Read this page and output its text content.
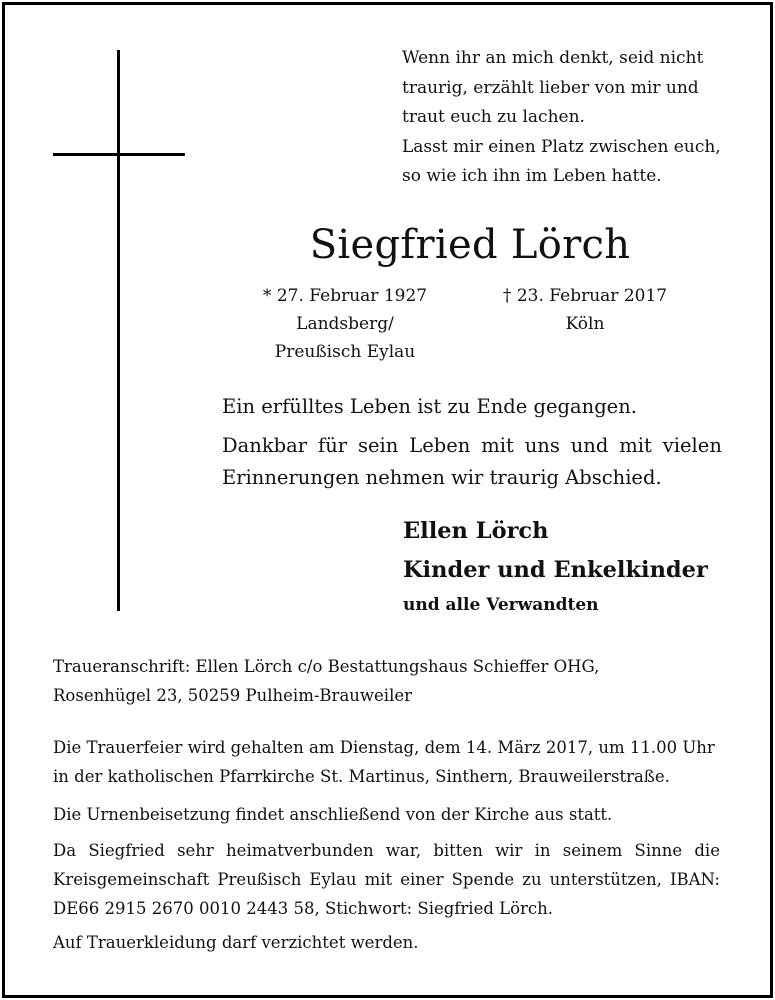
Wenn ihr an mich denkt, seid nicht
traurig, erzählt lieber von mir und
traut euch zu lachen.
Lasst mir einen Platz zwischen euch,
so wie ich ihn im Leben hatte.
Siegfried Lörch
* 27. Februar 1927
Landsberg/
Preußisch Eylau
† 23. Februar 2017
Köln
Ein erfülltes Leben ist zu Ende gegangen.
Dankbar für sein Leben mit uns und mit vielen
Erinnerungen nehmen wir traurig Abschied.
Ellen Lörch
Kinder und Enkelkinder
und alle Verwandten
Traueranschrift: Ellen Lörch c/o Bestattungshaus Schieffer OHG,
Rosenhügel 23, 50259 Pulheim-Brauweiler
Die Trauerfeier wird gehalten am Dienstag, dem 14. März 2017, um 11.00 Uhr
in der katholischen Pfarrkirche St. Martinus, Sinthern, Brauweilerstraße.
Die Urnenbeisetzung findet anschließend von der Kirche aus statt.
Da Siegfried sehr heimatverbunden war, bitten wir in seinem Sinne die
Kreisgemeinschaft Preußisch Eylau mit einer Spende zu unterstützen, IBAN:
DE66 2915 2670 0010 2443 58, Stichwort: Siegfried Lörch.
Auf Trauerkleidung darf verzichtet werden.
